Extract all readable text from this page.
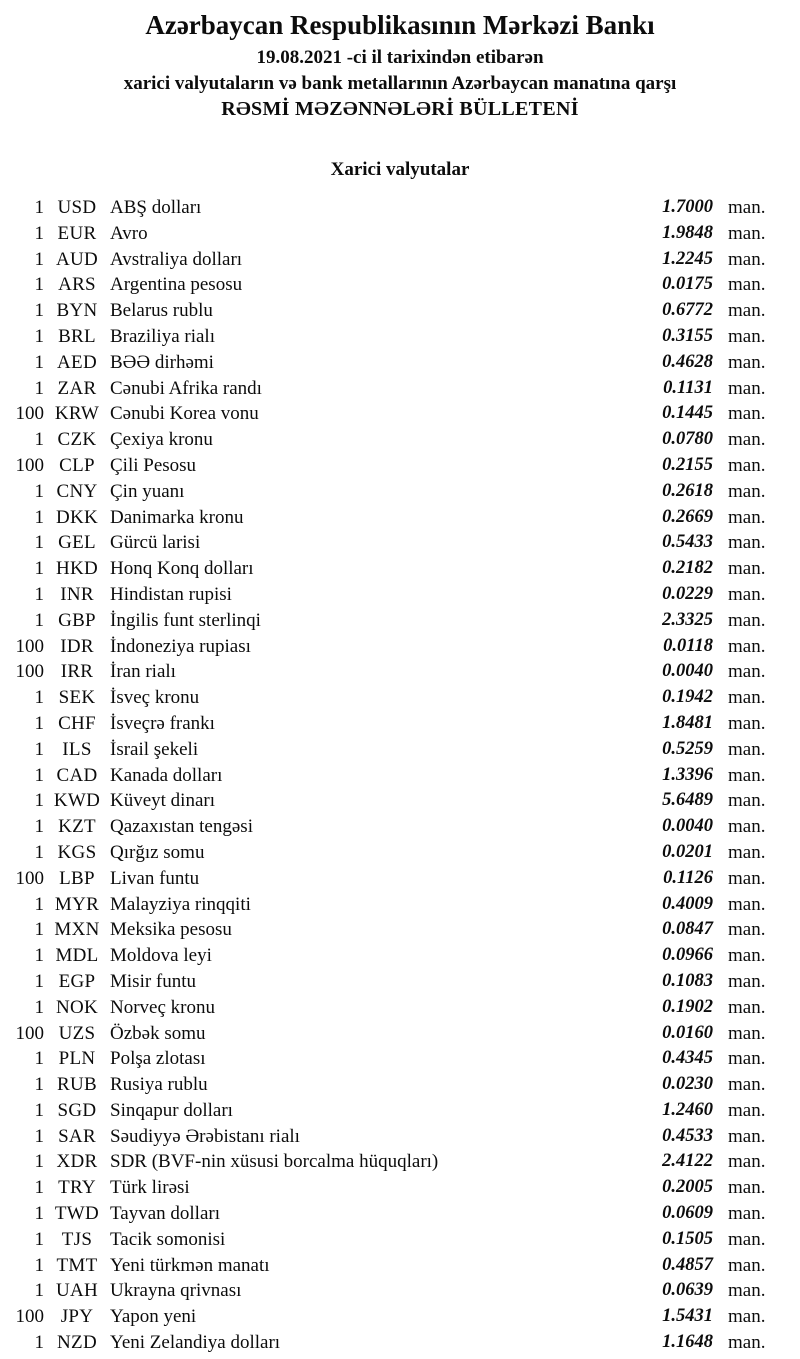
Azərbaycan Respublikasının Mərkəzi Bankı
19.08.2021 -ci il tarixindən etibarən
xarici valyutaların və bank metallarının Azərbaycan manatına qarşı
RƏSMİ MƏZƏNNƏLƏRİ BÜLLETENİ
Xarici valyutalar
1 USD ABŞ dolları	1.7000 man.
1 EUR Avro	1.9848 man.
1 AUD Avstraliya dolları	1.2245 man.
1 ARS Argentina pesosu	0.0175 man.
1 BYN Belarus rublu	0.6772 man.
1 BRL Braziliya rialı	0.3155 man.
1 AED BƏƏ dirhəmi	0.4628 man.
1 ZAR Cənubi Afrika randı	0.1131 man.
100 KRW Cənubi Korea vonu	0.1445 man.
1 CZK Çexiya kronu	0.0780 man.
100 CLP Çili Pesosu	0.2155 man.
1 CNY Çin yuanı	0.2618 man.
1 DKK Danimarka kronu	0.2669 man.
1 GEL Gürcü larisi	0.5433 man.
1 HKD Honq Konq dolları	0.2182 man.
1 INR Hindistan rupisi	0.0229 man.
1 GBP İngilis funt sterlinqi	2.3325 man.
100 IDR İndoneziya rupiası	0.0118 man.
100 IRR İran rialı	0.0040 man.
1 SEK İsveç kronu	0.1942 man.
1 CHF İsveçrə frankı	1.8481 man.
1 ILS İsrail şekeli	0.5259 man.
1 CAD Kanada dolları	1.3396 man.
1 KWD Küveyt dinarı	5.6489 man.
1 KZT Qazaxıstan tengəsi	0.0040 man.
1 KGS Qırğız somu	0.0201 man.
100 LBP Livan funtu	0.1126 man.
1 MYR Malayziya rinqqiti	0.4009 man.
1 MXN Meksika pesosu	0.0847 man.
1 MDL Moldova leyi	0.0966 man.
1 EGP Misir funtu	0.1083 man.
1 NOK Norveç kronu	0.1902 man.
100 UZS Özbək somu	0.0160 man.
1 PLN Polşa zlotası	0.4345 man.
1 RUB Rusiya rublu	0.0230 man.
1 SGD Sinqapur dolları	1.2460 man.
1 SAR Səudiyyə Ərəbistanı rialı	0.4533 man.
1 XDR SDR (BVF-nin xüsusi borcalma hüquqları)	2.4122 man.
1 TRY Türk lirəsi	0.2005 man.
1 TWD Tayvan dolları	0.0609 man.
1 TJS Tacik somonisi	0.1505 man.
1 TMT Yeni türkmən manatı	0.4857 man.
1 UAH Ukrayna qrivnası	0.0639 man.
100 JPY Yapon yeni	1.5431 man.
1 NZD Yeni Zelandiya dolları	1.1648 man.
